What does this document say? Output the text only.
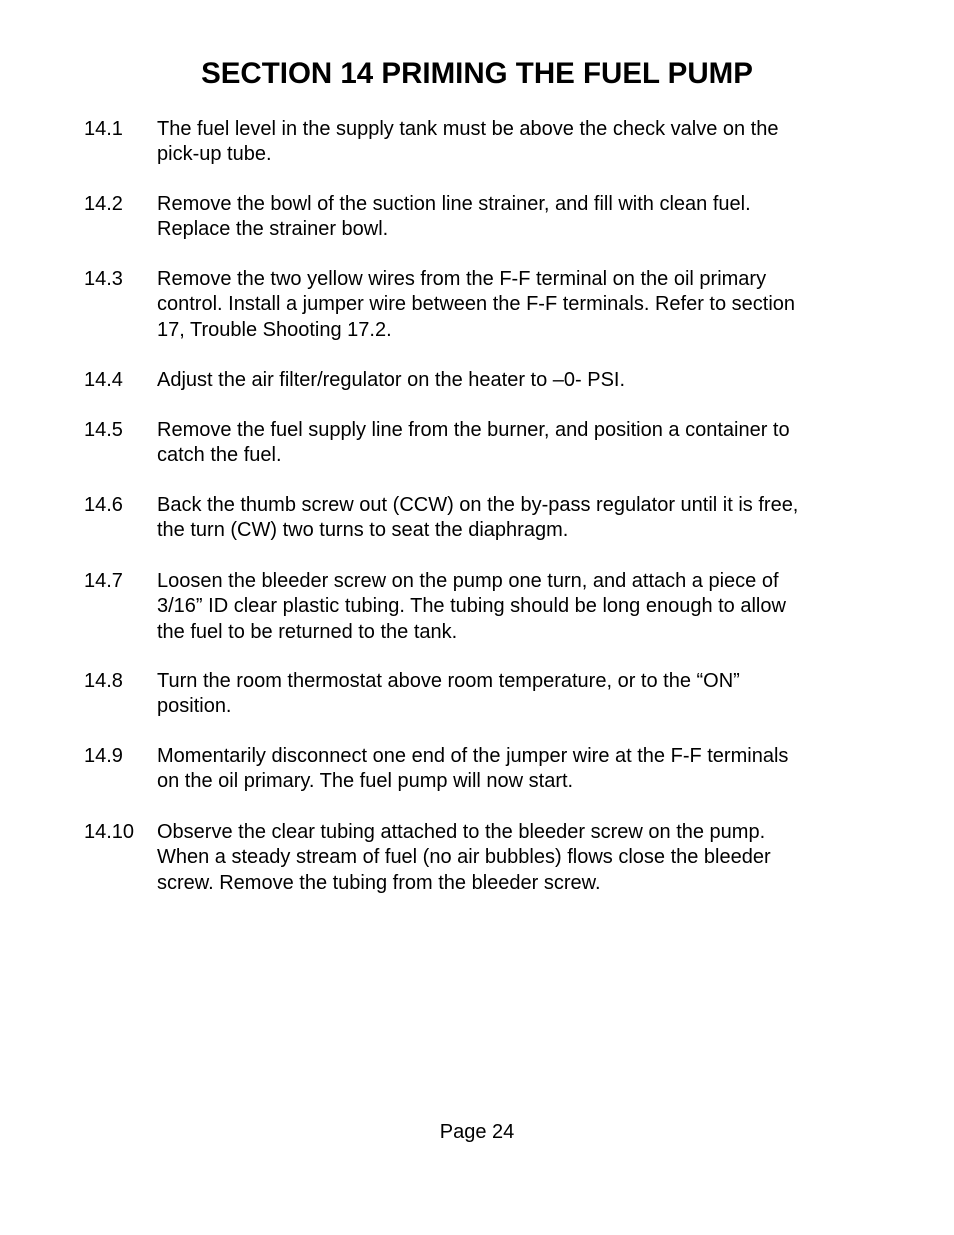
SECTION 14 PRIMING THE FUEL PUMP
14.1 The fuel level in the supply tank must be above the check valve on the
pick-up tube.
14.2 Remove the bowl of the suction line strainer, and fill with clean fuel.
Replace the strainer bowl.
14.3 Remove the two yellow wires from the F-F terminal on the oil primary
control. Install a jumper wire between the F-F terminals. Refer to section
17, Trouble Shooting 17.2.
14.4 Adjust the air filter/regulator on the heater to –0- PSI.
14.5 Remove the fuel supply line from the burner, and position a container to
catch the fuel.
14.6 Back the thumb screw out (CCW) on the by-pass regulator until it is free,
the turn (CW) two turns to seat the diaphragm.
14.7 Loosen the bleeder screw on the pump one turn, and attach a piece of
3/16” ID clear plastic tubing. The tubing should be long enough to allow
the fuel to be returned to the tank.
14.8 Turn the room thermostat above room temperature, or to the “ON”
position.
14.9 Momentarily disconnect one end of the jumper wire at the F-F terminals
on the oil primary. The fuel pump will now start.
14.10 Observe the clear tubing attached to the bleeder screw on the pump.
When a steady stream of fuel (no air bubbles) flows close the bleeder
screw. Remove the tubing from the bleeder screw.
Page 24
